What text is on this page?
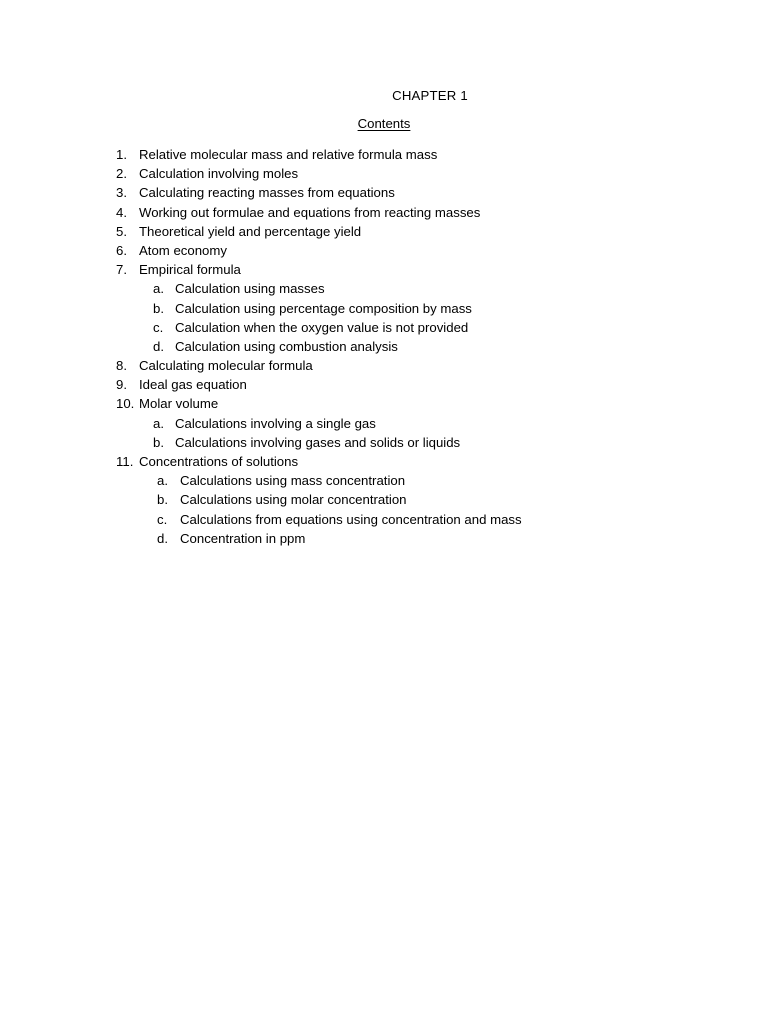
CHAPTER 1
Contents
1. Relative molecular mass and relative formula mass
2. Calculation involving moles
3. Calculating reacting masses from equations
4. Working out formulae and equations from reacting masses
5. Theoretical yield and percentage yield
6. Atom economy
7. Empirical formula
a. Calculation using masses
b. Calculation using percentage composition by mass
c. Calculation when the oxygen value is not provided
d. Calculation using combustion analysis
8. Calculating molecular formula
9. Ideal gas equation
10. Molar volume
a. Calculations involving a single gas
b. Calculations involving gases and solids or liquids
11. Concentrations of solutions
a. Calculations using mass concentration
b. Calculations using molar concentration
c. Calculations from equations using concentration and mass
d. Concentration in ppm
